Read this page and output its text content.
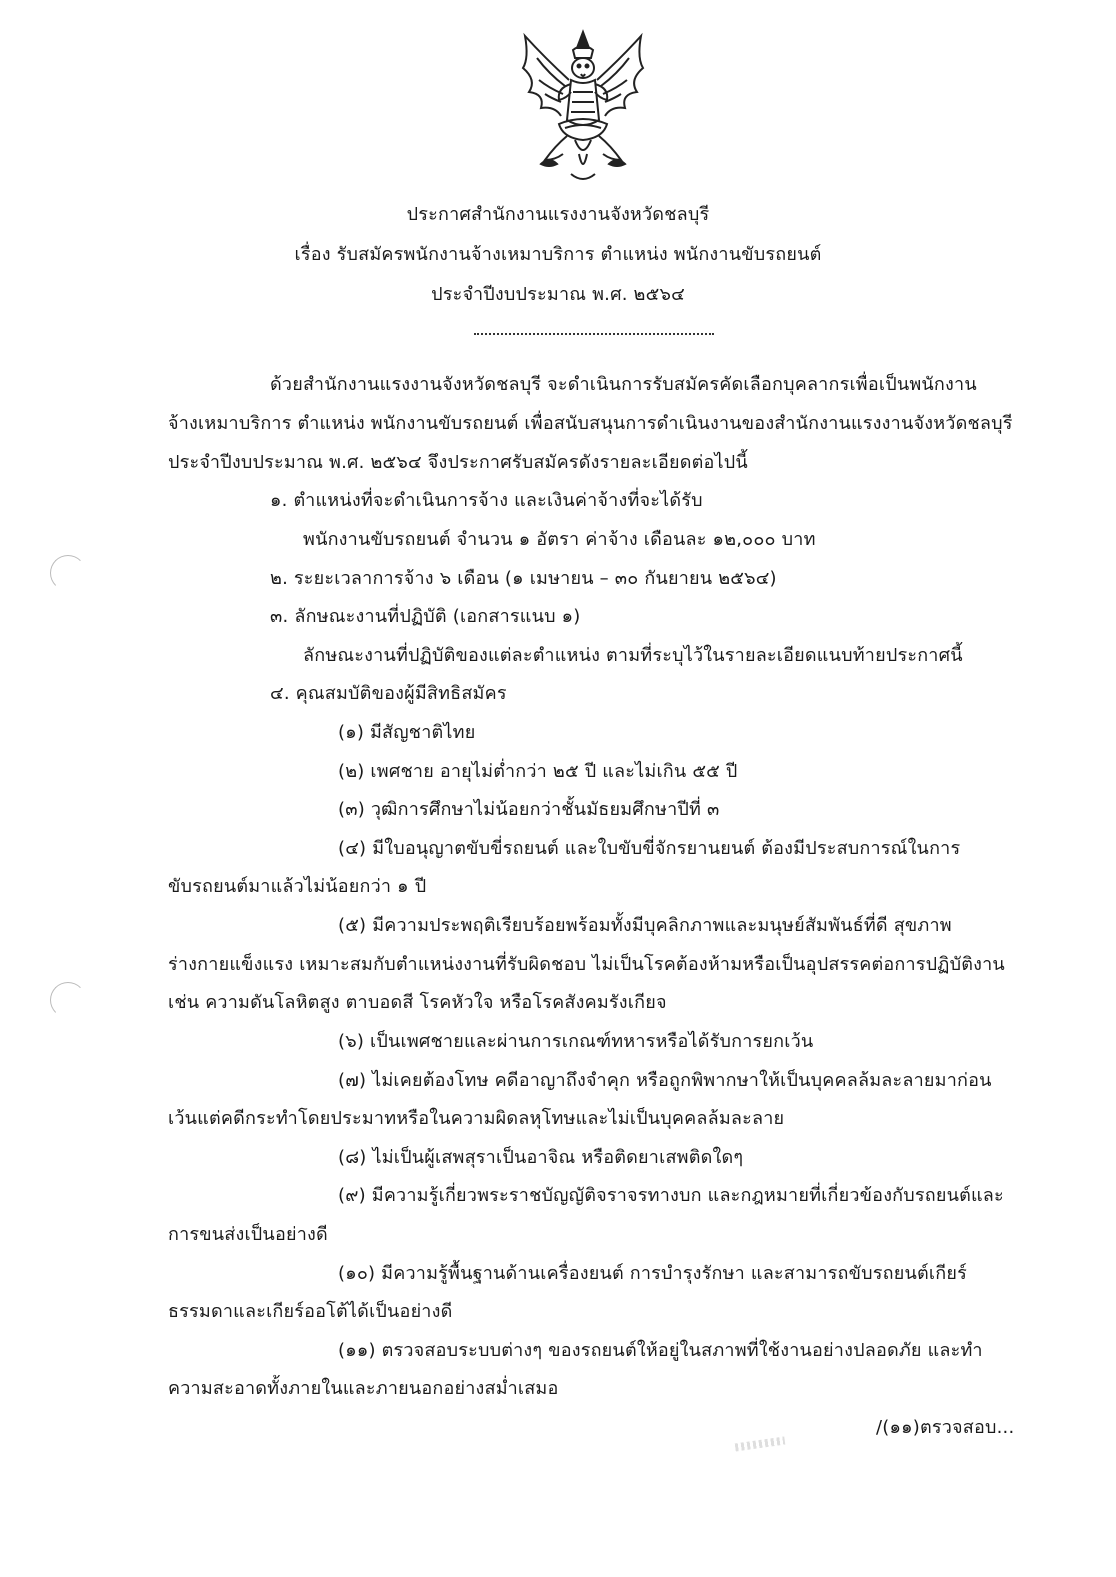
ประกาศสำนักงานแรงงานจังหวัดชลบุรี
เรื่อง รับสมัครพนักงานจ้างเหมาบริการ ตำแหน่ง พนักงานขับรถยนต์
ประจำปีงบประมาณ พ.ศ. ๒๕๖๔
ด้วยสำนักงานแรงงานจังหวัดชลบุรี จะดำเนินการรับสมัครคัดเลือกบุคลากรเพื่อเป็นพนักงาน
จ้างเหมาบริการ ตำแหน่ง พนักงานขับรถยนต์ เพื่อสนับสนุนการดำเนินงานของสำนักงานแรงงานจังหวัดชลบุรี
ประจำปีงบประมาณ พ.ศ. ๒๕๖๔ จึงประกาศรับสมัครดังรายละเอียดต่อไปนี้
๑. ตำแหน่งที่จะดำเนินการจ้าง และเงินค่าจ้างที่จะได้รับ
พนักงานขับรถยนต์ จำนวน ๑ อัตรา ค่าจ้าง เดือนละ ๑๒,๐๐๐ บาท
๒. ระยะเวลาการจ้าง ๖ เดือน (๑ เมษายน – ๓๐ กันยายน ๒๕๖๔)
๓. ลักษณะงานที่ปฏิบัติ (เอกสารแนบ ๑)
ลักษณะงานที่ปฏิบัติของแต่ละตำแหน่ง ตามที่ระบุไว้ในรายละเอียดแนบท้ายประกาศนี้
๔. คุณสมบัติของผู้มีสิทธิสมัคร
(๑) มีสัญชาติไทย
(๒) เพศชาย อายุไม่ต่ำกว่า ๒๕ ปี และไม่เกิน ๕๕ ปี
(๓) วุฒิการศึกษาไม่น้อยกว่าชั้นมัธยมศึกษาปีที่ ๓
(๔) มีใบอนุญาตขับขี่รถยนต์ และใบขับขี่จักรยานยนต์ ต้องมีประสบการณ์ในการ
ขับรถยนต์มาแล้วไม่น้อยกว่า ๑ ปี
(๕) มีความประพฤติเรียบร้อยพร้อมทั้งมีบุคลิกภาพและมนุษย์สัมพันธ์ที่ดี สุขภาพ
ร่างกายแข็งแรง เหมาะสมกับตำแหน่งงานที่รับผิดชอบ ไม่เป็นโรคต้องห้ามหรือเป็นอุปสรรคต่อการปฏิบัติงาน
เช่น ความดันโลหิตสูง ตาบอดสี โรคหัวใจ หรือโรคสังคมรังเกียจ
(๖) เป็นเพศชายและผ่านการเกณฑ์ทหารหรือได้รับการยกเว้น
(๗) ไม่เคยต้องโทษ คดีอาญาถึงจำคุก หรือถูกพิพากษาให้เป็นบุคคลล้มละลายมาก่อน
เว้นแต่คดีกระทำโดยประมาทหรือในความผิดลหุโทษและไม่เป็นบุคคลล้มละลาย
(๘) ไม่เป็นผู้เสพสุราเป็นอาจิณ หรือติดยาเสพติดใดๆ
(๙) มีความรู้เกี่ยวพระราชบัญญัติจราจรทางบก และกฎหมายที่เกี่ยวข้องกับรถยนต์และ
การขนส่งเป็นอย่างดี
(๑๐) มีความรู้พื้นฐานด้านเครื่องยนต์ การบำรุงรักษา และสามารถขับรถยนต์เกียร์
ธรรมดาและเกียร์ออโต้ได้เป็นอย่างดี
(๑๑) ตรวจสอบระบบต่างๆ ของรถยนต์ให้อยู่ในสภาพที่ใช้งานอย่างปลอดภัย และทำ
ความสะอาดทั้งภายในและภายนอกอย่างสม่ำเสมอ
/(๑๑)ตรวจสอบ...
